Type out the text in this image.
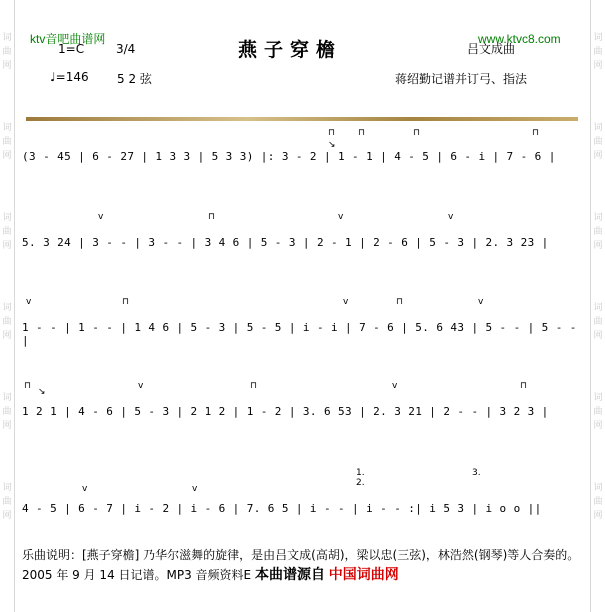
词
曲
网
词
曲
网
词
曲
网
词
曲
网
词
曲
网
词
曲
网
词
曲
网
词
曲
网
词
曲
网
词
曲
网
词
曲
网
词
曲
网
ktv音吧曲谱网	www.ktvc8.com
燕子穿檐	吕文成曲
1=C	3/4
♩=146 5 2 弦	蒋绍勤记谱并订弓、指法
⊓
↘
⊓	⊓	⊓
(3 - 45 | 6 - 27 | 1 3 3 | 5 3 3) |: 3 - 2 | 1 - 1 | 4 - 5 | 6 - i | 7 - 6 |
v	⊓	v	v
5. 3 24 | 3 - - | 3 - - | 3 4 6 | 5 - 3 | 2 - 1 | 2 - 6 | 5 - 3 | 2. 3 23 |
v	⊓	v	⊓	v
1 - - | 1 - - | 1 4 6 | 5 - 3 | 5 - 5 | i - i | 7 - 6 | 5. 6 43 | 5 - - | 5 - - |
⊓
↘
v	⊓	v	⊓
1 2 1 | 4 - 6 | 5 - 3 | 2 1 2 | 1 - 2 | 3. 6 53 | 2. 3 21 | 2 - - | 3 2 3 |
v	v
1. 2.
3.
4 - 5 | 6 - 7 | i - 2 | i - 6 | 7. 6 5 | i - - | i - - :| i 5 3 | i o o ||
乐曲说明：[燕子穿檐] 乃华尔滋舞的旋律，是由吕文成(高胡)，梁以忠(三弦)，林浩然(钢琴)等人合奏的。2005 年 9 月 14 日记谱。MP3 音频资料E 本曲谱源自 中国词曲网
